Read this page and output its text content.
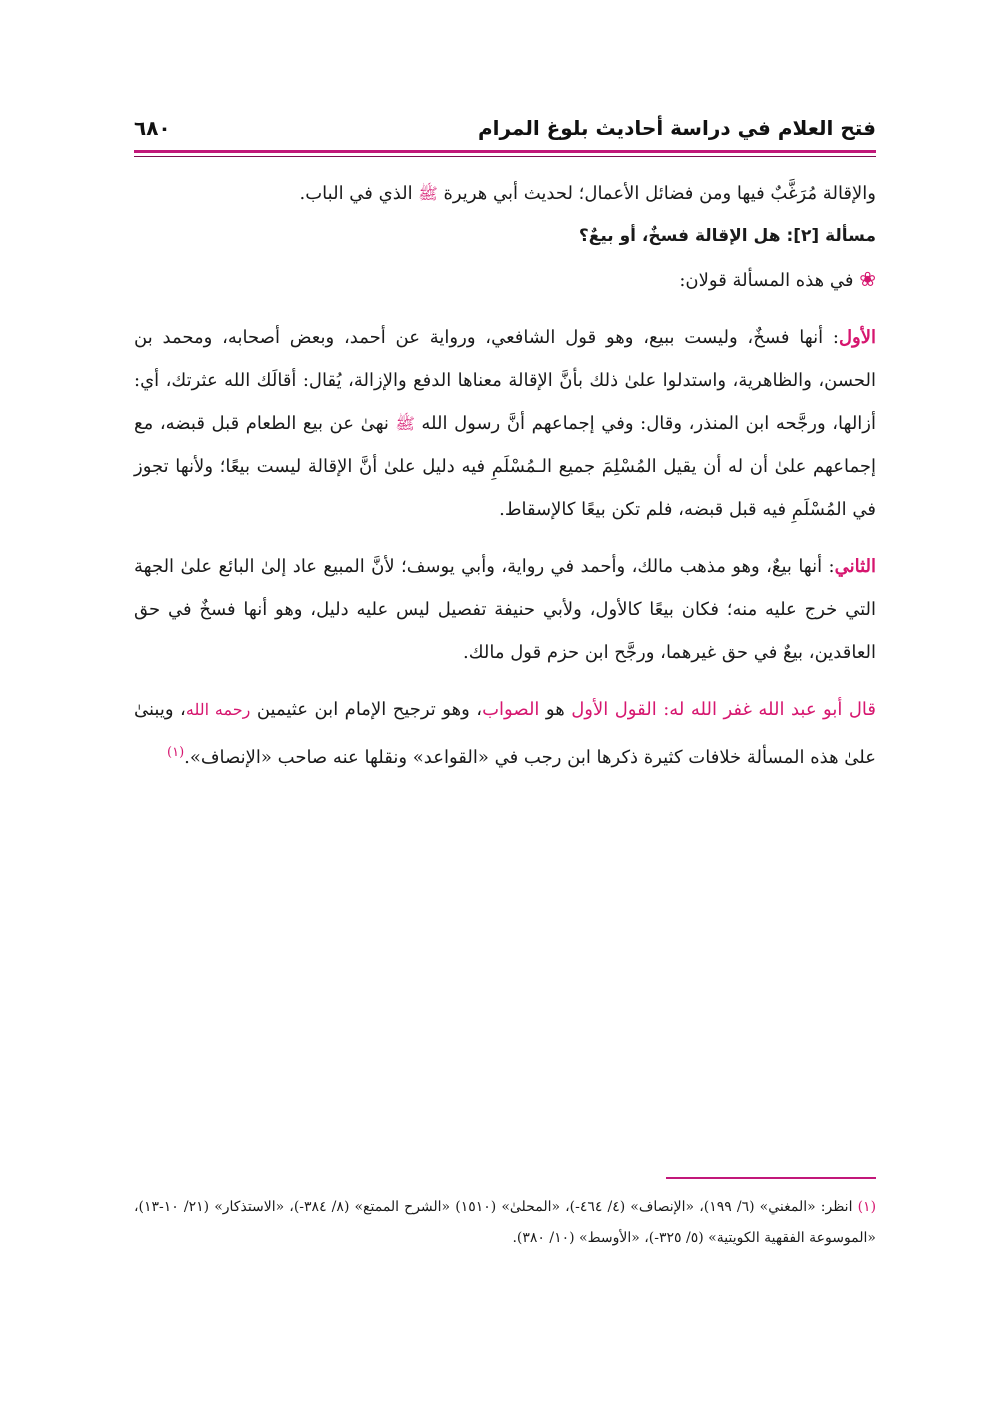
فتح العلام في دراسة أحاديث بلوغ المرام
٦٨٠

والإقالة مُرَغَّبٌ فيها ومن فضائل الأعمال؛ لحديث أبي هريرة ﷺ الذي في الباب.

مسألة [٢]: هل الإقالة فسخٌ، أو بيعٌ؟

❀ في هذه المسألة قولان:

الأول: أنها فسخٌ، وليست ببيع، وهو قول الشافعي، ورواية عن أحمد، وبعض أصحابه، ومحمد بن الحسن، والظاهرية، واستدلوا علىٰ ذلك بأنَّ الإقالة معناها الدفع والإزالة، يُقال: أقالَك الله عثرتك، أي: أزالها، ورجَّحه ابن المنذر، وقال: وفي إجماعهم أنَّ رسول الله ﷺ نهىٰ عن بيع الطعام قبل قبضه، مع إجماعهم علىٰ أن له أن يقيل المُسْلِمَ جميع الـمُسْلَمِ فيه دليل علىٰ أنَّ الإقالة ليست بيعًا؛ ولأنها تجوز في المُسْلَمِ فيه قبل قبضه، فلم تكن بيعًا كالإسقاط.

الثاني: أنها بيعٌ، وهو مذهب مالك، وأحمد في رواية، وأبي يوسف؛ لأنَّ المبيع عاد إلىٰ البائع علىٰ الجهة التي خرج عليه منه؛ فكان بيعًا كالأول، ولأبي حنيفة تفصيل ليس عليه دليل، وهو أنها فسخٌ في حق العاقدين، بيعٌ في حق غيرهما، ورجَّح ابن حزم قول مالك.

قال أبو عبد الله غفر الله له: القول الأول هو الصواب، وهو ترجيح الإمام ابن عثيمين رحمه الله، ويبنىٰ علىٰ هذه المسألة خلافات كثيرة ذكرها ابن رجب في «القواعد» ونقلها عنه صاحب «الإنصاف».$^{(١)}$

(١) انظر: «المغني» (٦/ ١٩٩)، «الإنصاف» (٤/ ٤٦٤-)، «المحلىٰ» (١٥١٠) «الشرح الممتع» (٨/ ٣٨٤-)، «الاستذكار» (٢١/ ١٠-١٣)، «الموسوعة الفقهية الكويتية» (٥/ ٣٢٥-)، «الأوسط» (١٠/ ٣٨٠).
